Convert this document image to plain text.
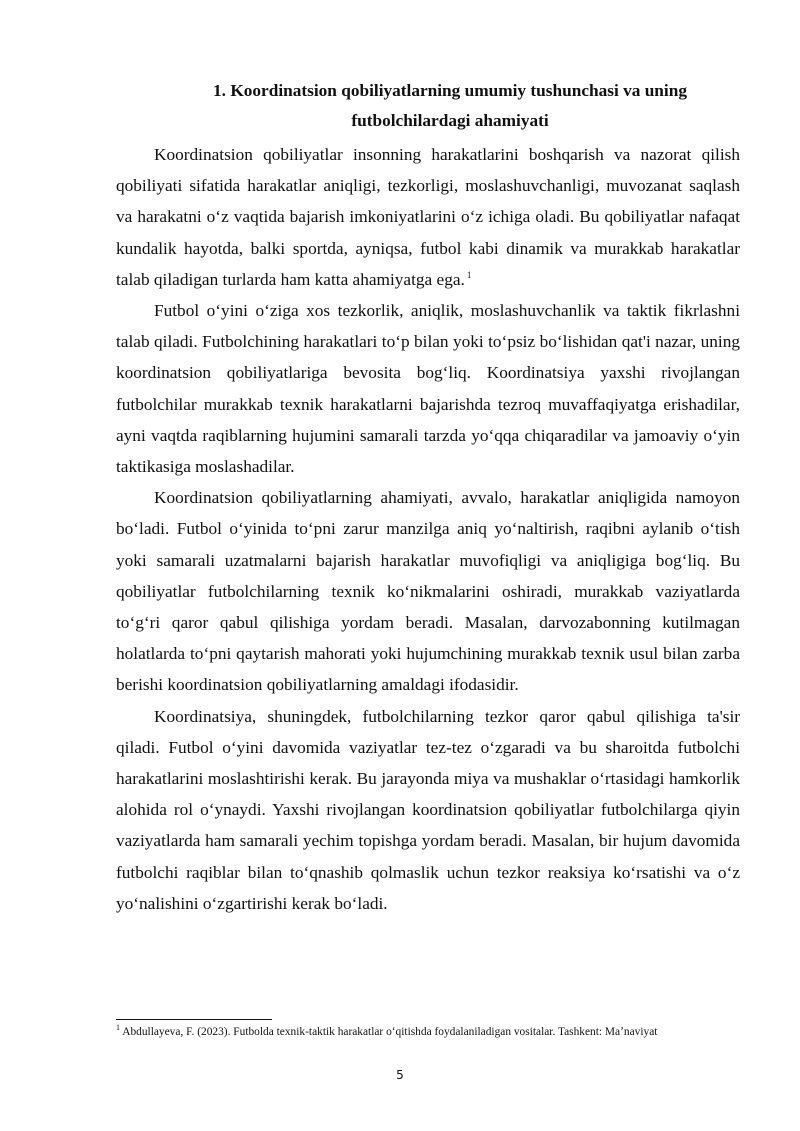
1. Koordinatsion qobiliyatlarning umumiy tushunchasi va uning futbolchilardagi ahamiyati

Koordinatsion qobiliyatlar insonning harakatlarini boshqarish va nazorat qilish qobiliyati sifatida harakatlar aniqligi, tezkorligi, moslashuvchanligi, muvozanat saqlash va harakatni oʻz vaqtida bajarish imkoniyatlarini oʻz ichiga oladi. Bu qobiliyatlar nafaqat kundalik hayotda, balki sportda, ayniqsa, futbol kabi dinamik va murakkab harakatlar talab qiladigan turlarda ham katta ahamiyatga ega. $^1$

Futbol oʻyini oʻziga xos tezkorlik, aniqlik, moslashuvchanlik va taktik fikrlashni talab qiladi. Futbolchining harakatlari toʻp bilan yoki toʻpsiz boʻlishidan qat'i nazar, uning koordinatsion qobiliyatlariga bevosita bogʻliq. Koordinatsiya yaxshi rivojlangan futbolchilar murakkab texnik harakatlarni bajarishda tezroq muvaffaqiyatga erishadilar, ayni vaqtda raqiblarning hujumini samarali tarzda yoʻqqa chiqaradilar va jamoaviy oʻyin taktikasiga moslashadilar.

Koordinatsion qobiliyatlarning ahamiyati, avvalo, harakatlar aniqligida namoyon boʻladi. Futbol oʻyinida toʻpni zarur manzilga aniq yoʻnaltirish, raqibni aylanib oʻtish yoki samarali uzatmalarni bajarish harakatlar muvofiqligi va aniqligiga bogʻliq. Bu qobiliyatlar futbolchilarning texnik koʻnikmalarini oshiradi, murakkab vaziyatlarda toʻgʻri qaror qabul qilishiga yordam beradi. Masalan, darvozabonning kutilmagan holatlarda toʻpni qaytarish mahorati yoki hujumchining murakkab texnik usul bilan zarba berishi koordinatsion qobiliyatlarning amaldagi ifodasidir.

Koordinatsiya, shuningdek, futbolchilarning tezkor qaror qabul qilishiga ta'sir qiladi. Futbol oʻyini davomida vaziyatlar tez-tez oʻzgaradi va bu sharoitda futbolchi harakatlarini moslashtirishi kerak. Bu jarayonda miya va mushaklar oʻrtasidagi hamkorlik alohida rol oʻynaydi. Yaxshi rivojlangan koordinatsion qobiliyatlar futbolchilarga qiyin vaziyatlarda ham samarali yechim topishga yordam beradi. Masalan, bir hujum davomida futbolchi raqiblar bilan toʻqnashib qolmaslik uchun tezkor reaksiya koʻrsatishi va oʻz yoʻnalishini oʻzgartirishi kerak boʻladi.

$^1$ Abdullayeva, F. (2023). Futbolda texnik-taktik harakatlar oʻqitishda foydalaniladigan vositalar. Tashkent: Maʼnaviyat

5
